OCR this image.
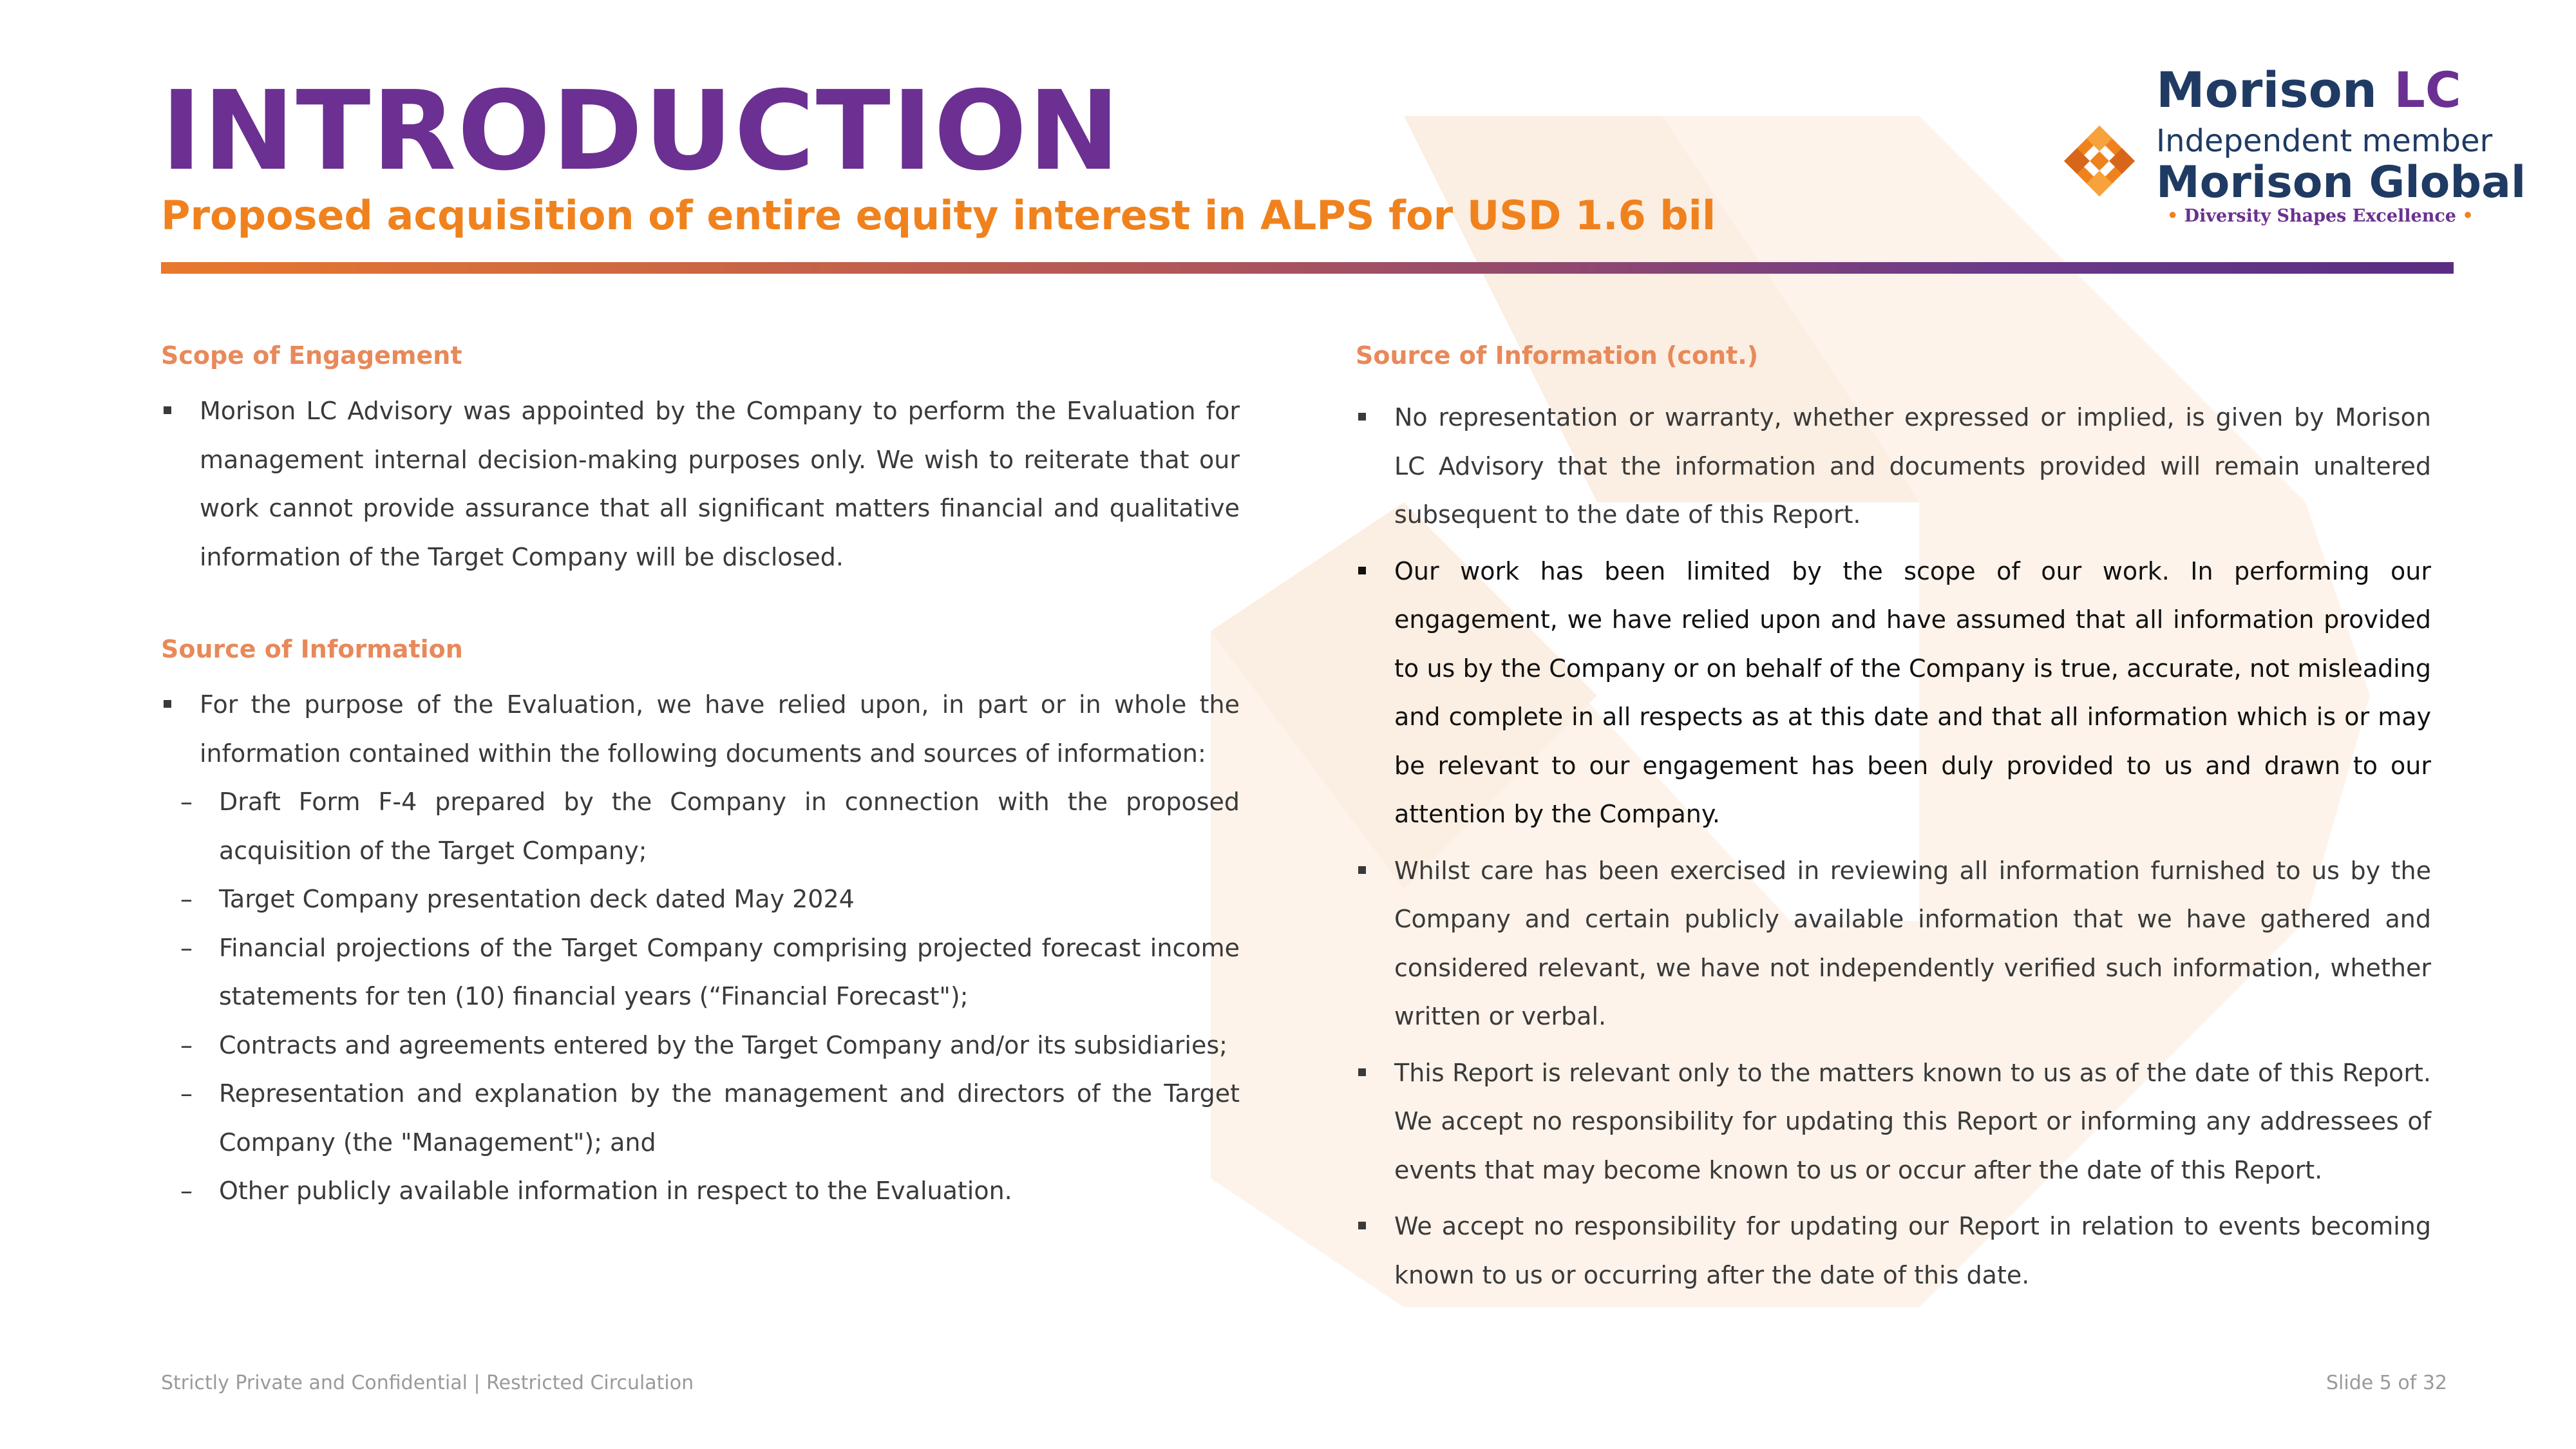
INTRODUCTION
Proposed acquisition of entire equity interest in ALPS for USD 1.6 bil

Morison LC

Independent member

Morison Global

• Diversity Shapes Excellence •

Scope of Engagement
Morison LC Advisory was appointed by the Company to perform the Evaluation for management internal decision-making purposes only. We wish to reiterate that our work cannot provide assurance that all significant matters financial and qualitative information of the Target Company will be disclosed.
Source of Information
For the purpose of the Evaluation, we have relied upon, in part or in whole the information contained within the following documents and sources of information:
– Draft Form F-4 prepared by the Company in connection with the proposed acquisition of the Target Company;
– Target Company presentation deck dated May 2024
– Financial projections of the Target Company comprising projected forecast income statements for ten (10) financial years (“Financial Forecast");
– Contracts and agreements entered by the Target Company and/or its subsidiaries;
– Representation and explanation by the management and directors of the Target Company (the "Management"); and
– Other publicly available information in respect to the Evaluation.
Source of Information (cont.)
No representation or warranty, whether expressed or implied, is given by Morison LC Advisory that the information and documents provided will remain unaltered subsequent to the date of this Report.
Our work has been limited by the scope of our work. In performing our engagement, we have relied upon and have assumed that all information provided to us by the Company or on behalf of the Company is true, accurate, not misleading and complete in all respects as at this date and that all information which is or may be relevant to our engagement has been duly provided to us and drawn to our attention by the Company.
Whilst care has been exercised in reviewing all information furnished to us by the Company and certain publicly available information that we have gathered and considered relevant, we have not independently verified such information, whether written or verbal.
This Report is relevant only to the matters known to us as of the date of this Report. We accept no responsibility for updating this Report or informing any addressees of events that may become known to us or occur after the date of this Report.
We accept no responsibility for updating our Report in relation to events becoming known to us or occurring after the date of this date.

Strictly Private and Confidential | Restricted Circulation	Slide 5 of 32
